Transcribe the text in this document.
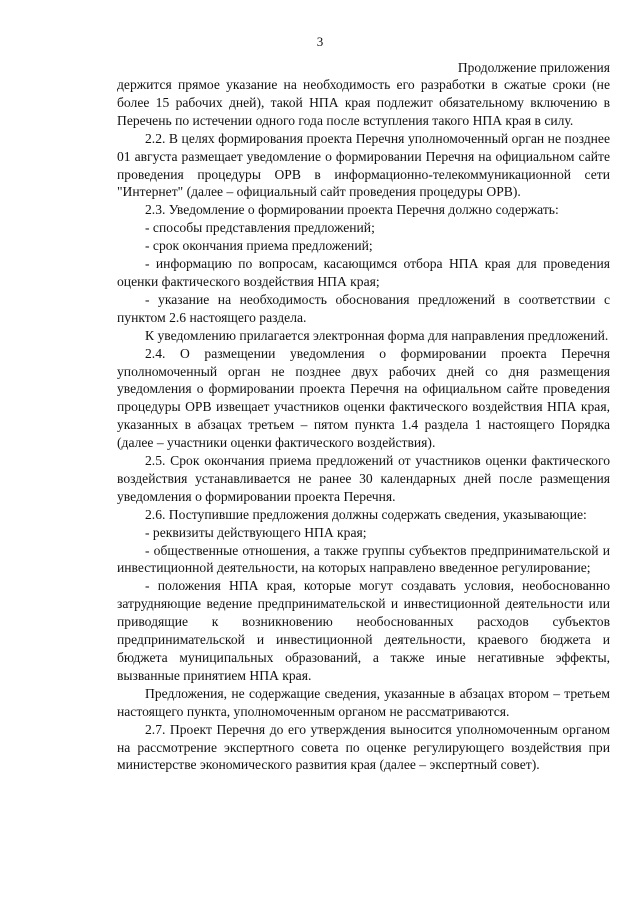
3
Продолжение приложения

держится прямое указание на необходимость его разработки в сжатые сроки (не более 15 рабочих дней), такой НПА края подлежит обязательному включению в Перечень по истечении одного года после вступления такого НПА края в силу.

2.2. В целях формирования проекта Перечня уполномоченный орган не позднее 01 августа размещает уведомление о формировании Перечня на официальном сайте проведения процедуры ОРВ в информационно-телекоммуникационной сети "Интернет" (далее – официальный сайт проведения процедуры ОРВ).

2.3. Уведомление о формировании проекта Перечня должно содержать:

- способы представления предложений;

- срок окончания приема предложений;

- информацию по вопросам, касающимся отбора НПА края для проведения оценки фактического воздействия НПА края;

- указание на необходимость обоснования предложений в соответствии с пунктом 2.6 настоящего раздела.

К уведомлению прилагается электронная форма для направления предложений.

2.4. О размещении уведомления о формировании проекта Перечня уполномоченный орган не позднее двух рабочих дней со дня размещения уведомления о формировании проекта Перечня на официальном сайте проведения процедуры ОРВ извещает участников оценки фактического воздействия НПА края, указанных в абзацах третьем – пятом пункта 1.4 раздела 1 настоящего Порядка (далее – участники оценки фактического воздействия).

2.5. Срок окончания приема предложений от участников оценки фактического воздействия устанавливается не ранее 30 календарных дней после размещения уведомления о формировании проекта Перечня.

2.6. Поступившие предложения должны содержать сведения, указывающие:

- реквизиты действующего НПА края;

- общественные отношения, а также группы субъектов предпринимательской и инвестиционной деятельности, на которых направлено введенное регулирование;

- положения НПА края, которые могут создавать условия, необоснованно затрудняющие ведение предпринимательской и инвестиционной деятельности или приводящие к возникновению необоснованных расходов субъектов предпринимательской и инвестиционной деятельности, краевого бюджета и бюджета муниципальных образований, а также иные негативные эффекты, вызванные принятием НПА края.

Предложения, не содержащие сведения, указанные в абзацах втором – третьем настоящего пункта, уполномоченным органом не рассматриваются.

2.7. Проект Перечня до его утверждения выносится уполномоченным органом на рассмотрение экспертного совета по оценке регулирующего воздействия при министерстве экономического развития края (далее – экспертный совет).
